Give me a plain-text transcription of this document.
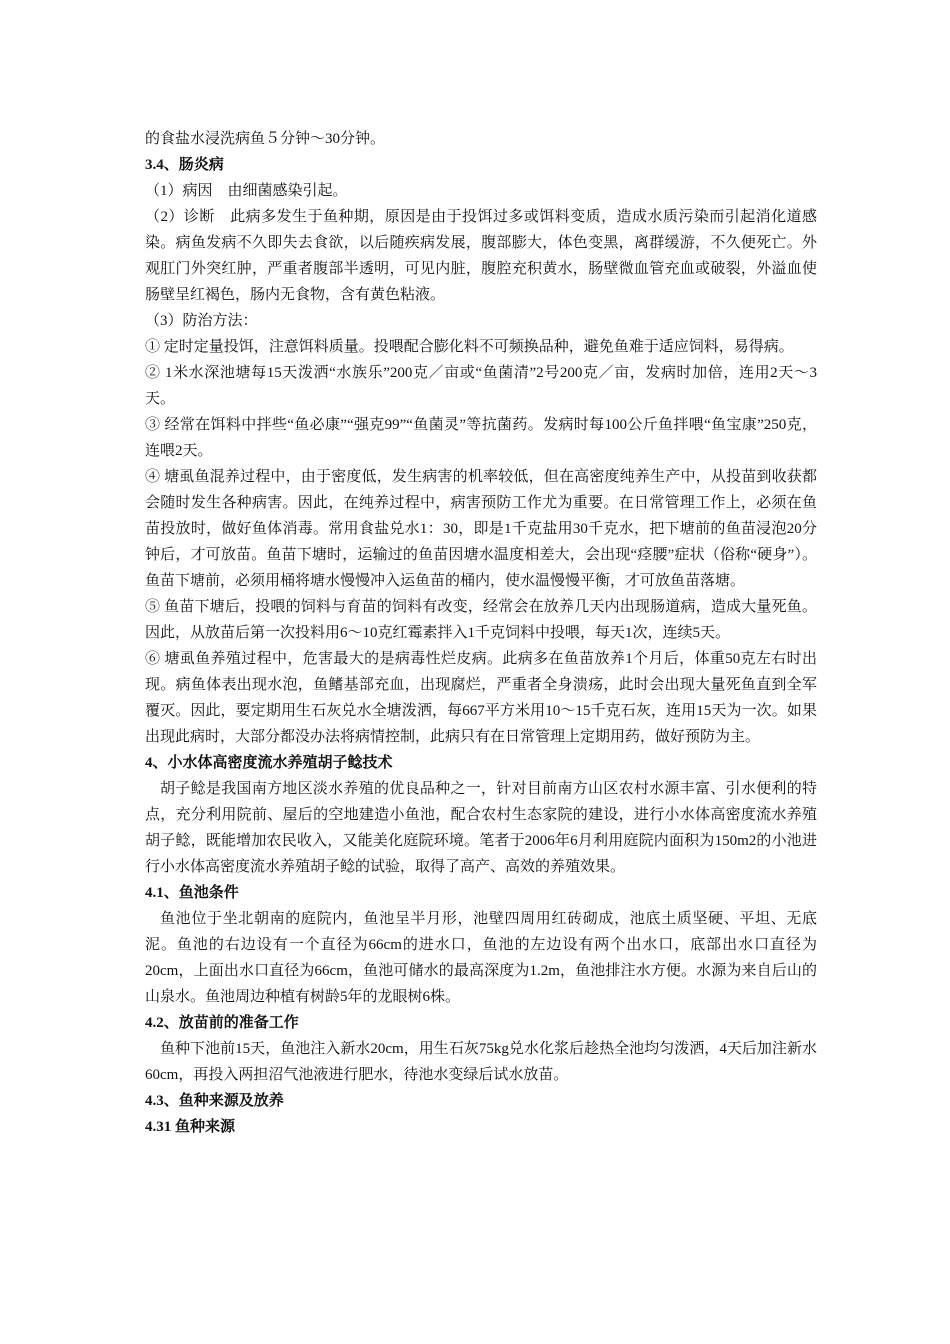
的食盐水浸洗病鱼５分钟～30分钟。

3.4、肠炎病

（1）病因　由细菌感染引起。

（2）诊断　此病多发生于鱼种期，原因是由于投饵过多或饵料变质，造成水质污染而引起消化道感染。病鱼发病不久即失去食欲，以后随疾病发展，腹部膨大，体色变黑，离群缓游，不久便死亡。外观肛门外突红肿，严重者腹部半透明，可见内脏，腹腔充积黄水，肠壁微血管充血或破裂，外溢血使肠壁呈红褐色，肠内无食物，含有黄色粘液。

（3）防治方法：

① 定时定量投饵，注意饵料质量。投喂配合膨化料不可频换品种，避免鱼难于适应饲料，易得病。

② 1米水深池塘每15天泼洒“水族乐”200克／亩或“鱼菌清”2号200克／亩，发病时加倍，连用2天～3天。

③ 经常在饵料中拌些“鱼必康”“强克99”“鱼菌灵”等抗菌药。发病时每100公斤鱼拌喂“鱼宝康”250克，连喂2天。

④ 塘虱鱼混养过程中，由于密度低，发生病害的机率较低，但在高密度纯养生产中，从投苗到收获都会随时发生各种病害。因此，在纯养过程中，病害预防工作尤为重要。在日常管理工作上，必须在鱼苗投放时，做好鱼体消毒。常用食盐兑水1：30，即是1千克盐用30千克水，把下塘前的鱼苗浸泡20分钟后，才可放苗。鱼苗下塘时，运输过的鱼苗因塘水温度相差大，会出现“痉腰”症状（俗称“硬身”）。鱼苗下塘前，必须用桶将塘水慢慢冲入运鱼苗的桶内，使水温慢慢平衡，才可放鱼苗落塘。

⑤ 鱼苗下塘后，投喂的饲料与育苗的饲料有改变，经常会在放养几天内出现肠道病，造成大量死鱼。因此，从放苗后第一次投料用6～10克红霉素拌入1千克饲料中投喂，每天1次，连续5天。

⑥ 塘虱鱼养殖过程中，危害最大的是病毒性烂皮病。此病多在鱼苗放养1个月后，体重50克左右时出现。病鱼体表出现水泡，鱼鳍基部充血，出现腐烂，严重者全身溃疡，此时会出现大量死鱼直到全军覆灭。因此，要定期用生石灰兑水全塘泼洒，每667平方米用10～15千克石灰，连用15天为一次。如果出现此病时，大部分都没办法将病情控制，此病只有在日常管理上定期用药，做好预防为主。

4、小水体高密度流水养殖胡子鲶技术

胡子鲶是我国南方地区淡水养殖的优良品种之一，针对目前南方山区农村水源丰富、引水便利的特点，充分利用院前、屋后的空地建造小鱼池，配合农村生态家院的建设，进行小水体高密度流水养殖胡子鲶，既能增加农民收入，又能美化庭院环境。笔者于2006年6月利用庭院内面积为150m2的小池进行小水体高密度流水养殖胡子鲶的试验，取得了高产、高效的养殖效果。

4.1、鱼池条件

鱼池位于坐北朝南的庭院内，鱼池呈半月形，池壁四周用红砖砌成，池底土质坚硬、平坦、无底泥。鱼池的右边设有一个直径为66cm的进水口，鱼池的左边设有两个出水口，底部出水口直径为20cm，上面出水口直径为66cm，鱼池可储水的最高深度为1.2m，鱼池排注水方便。水源为来自后山的山泉水。鱼池周边种植有树龄5年的龙眼树6株。

4.2、放苗前的准备工作

鱼种下池前15天，鱼池注入新水20cm，用生石灰75kg兑水化浆后趁热全池均匀泼洒，4天后加注新水60cm，再投入两担沼气池液进行肥水，待池水变绿后试水放苗。

4.3、鱼种来源及放养
4.31 鱼种来源
